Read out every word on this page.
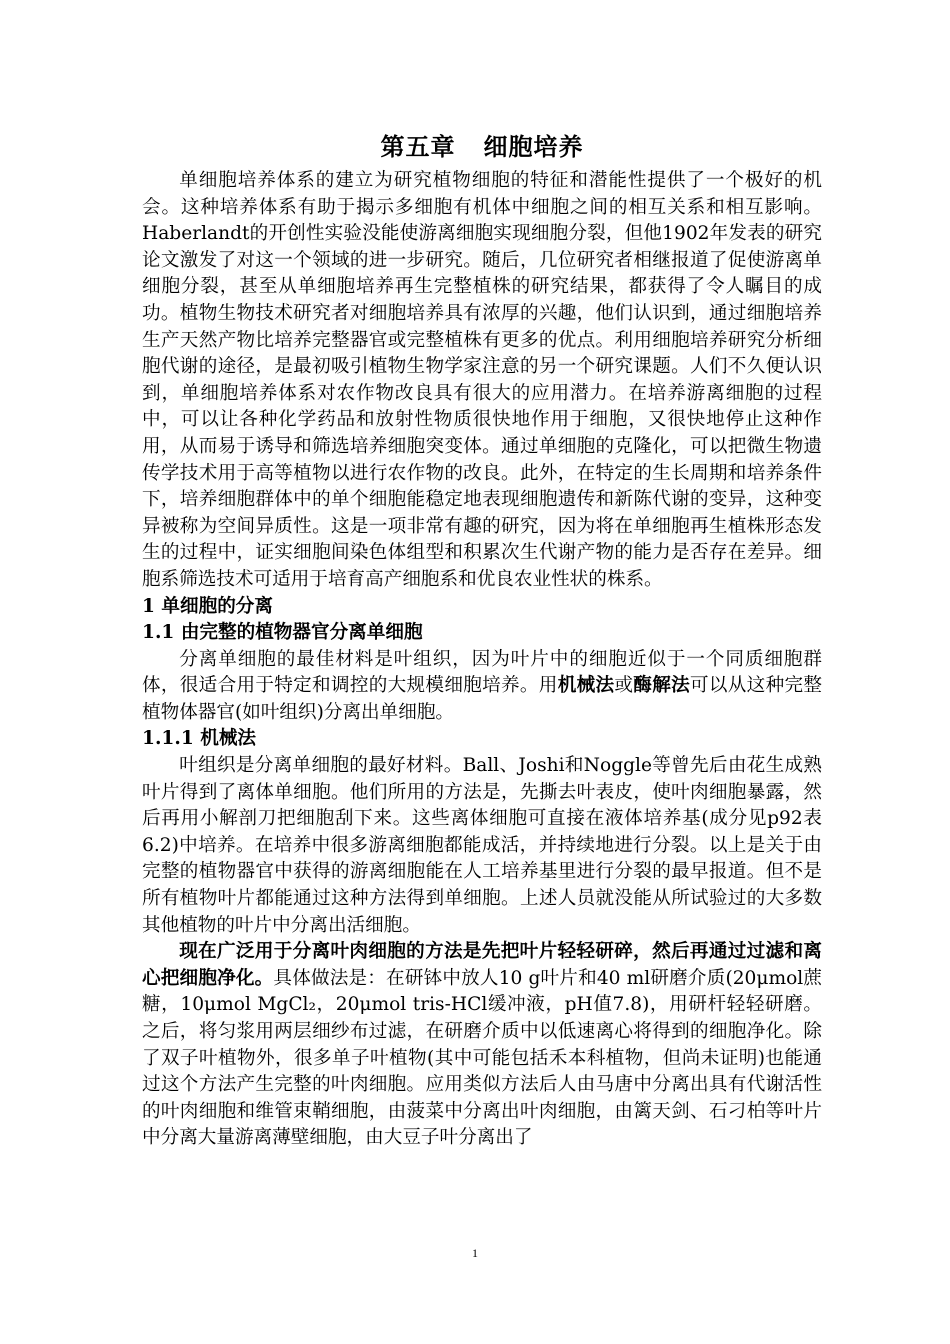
第五章   细胞培养

单细胞培养体系的建立为研究植物细胞的特征和潜能性提供了一个极好的机会。这种培养体系有助于揭示多细胞有机体中细胞之间的相互关系和相互影响。Haberlandt的开创性实验没能使游离细胞实现细胞分裂，但他1902年发表的研究论文激发了对这一个领域的进一步研究。随后，几位研究者相继报道了促使游离单细胞分裂，甚至从单细胞培养再生完整植株的研究结果，都获得了令人瞩目的成功。植物生物技术研究者对细胞培养具有浓厚的兴趣，他们认识到，通过细胞培养生产天然产物比培养完整器官或完整植株有更多的优点。利用细胞培养研究分析细胞代谢的途径，是最初吸引植物生物学家注意的另一个研究课题。人们不久便认识到，单细胞培养体系对农作物改良具有很大的应用潜力。在培养游离细胞的过程中，可以让各种化学药品和放射性物质很快地作用于细胞，又很快地停止这种作用，从而易于诱导和筛选培养细胞突变体。通过单细胞的克隆化，可以把微生物遗传学技术用于高等植物以进行农作物的改良。此外，在特定的生长周期和培养条件下，培养细胞群体中的单个细胞能稳定地表现细胞遗传和新陈代谢的变异，这种变异被称为空间异质性。这是一项非常有趣的研究，因为将在单细胞再生植株形态发生的过程中，证实细胞间染色体组型和积累次生代谢产物的能力是否存在差异。细胞系筛选技术可适用于培育高产细胞系和优良农业性状的株系。

1 单细胞的分离

1.1 由完整的植物器官分离单细胞

分离单细胞的最佳材料是叶组织，因为叶片中的细胞近似于一个同质细胞群体，很适合用于特定和调控的大规模细胞培养。用机械法或酶解法可以从这种完整植物体器官(如叶组织)分离出单细胞。

1.1.1 机械法

叶组织是分离单细胞的最好材料。Ball、Joshi和Noggle等曾先后由花生成熟叶片得到了离体单细胞。他们所用的方法是，先撕去叶表皮，使叶肉细胞暴露，然后再用小解剖刀把细胞刮下来。这些离体细胞可直接在液体培养基(成分见p92表6.2)中培养。在培养中很多游离细胞都能成活，并持续地进行分裂。以上是关于由完整的植物器官中获得的游离细胞能在人工培养基里进行分裂的最早报道。但不是所有植物叶片都能通过这种方法得到单细胞。上述人员就没能从所试验过的大多数其他植物的叶片中分离出活细胞。

现在广泛用于分离叶肉细胞的方法是先把叶片轻轻研碎，然后再通过过滤和离心把细胞净化。具体做法是：在研钵中放人10 g叶片和40 ml研磨介质(20μmol蔗糖，10μmol MgCl₂，20μmol tris-HCl缓冲液，pH值7.8)，用研杆轻轻研磨。之后，将匀浆用两层细纱布过滤，在研磨介质中以低速离心将得到的细胞净化。除了双子叶植物外，很多单子叶植物(其中可能包括禾本科植物，但尚未证明)也能通过这个方法产生完整的叶肉细胞。应用类似方法后人由马唐中分离出具有代谢活性的叶肉细胞和维管束鞘细胞，由菠菜中分离出叶肉细胞，由篱天剑、石刁柏等叶片中分离大量游离薄壁细胞，由大豆子叶分离出了

1
